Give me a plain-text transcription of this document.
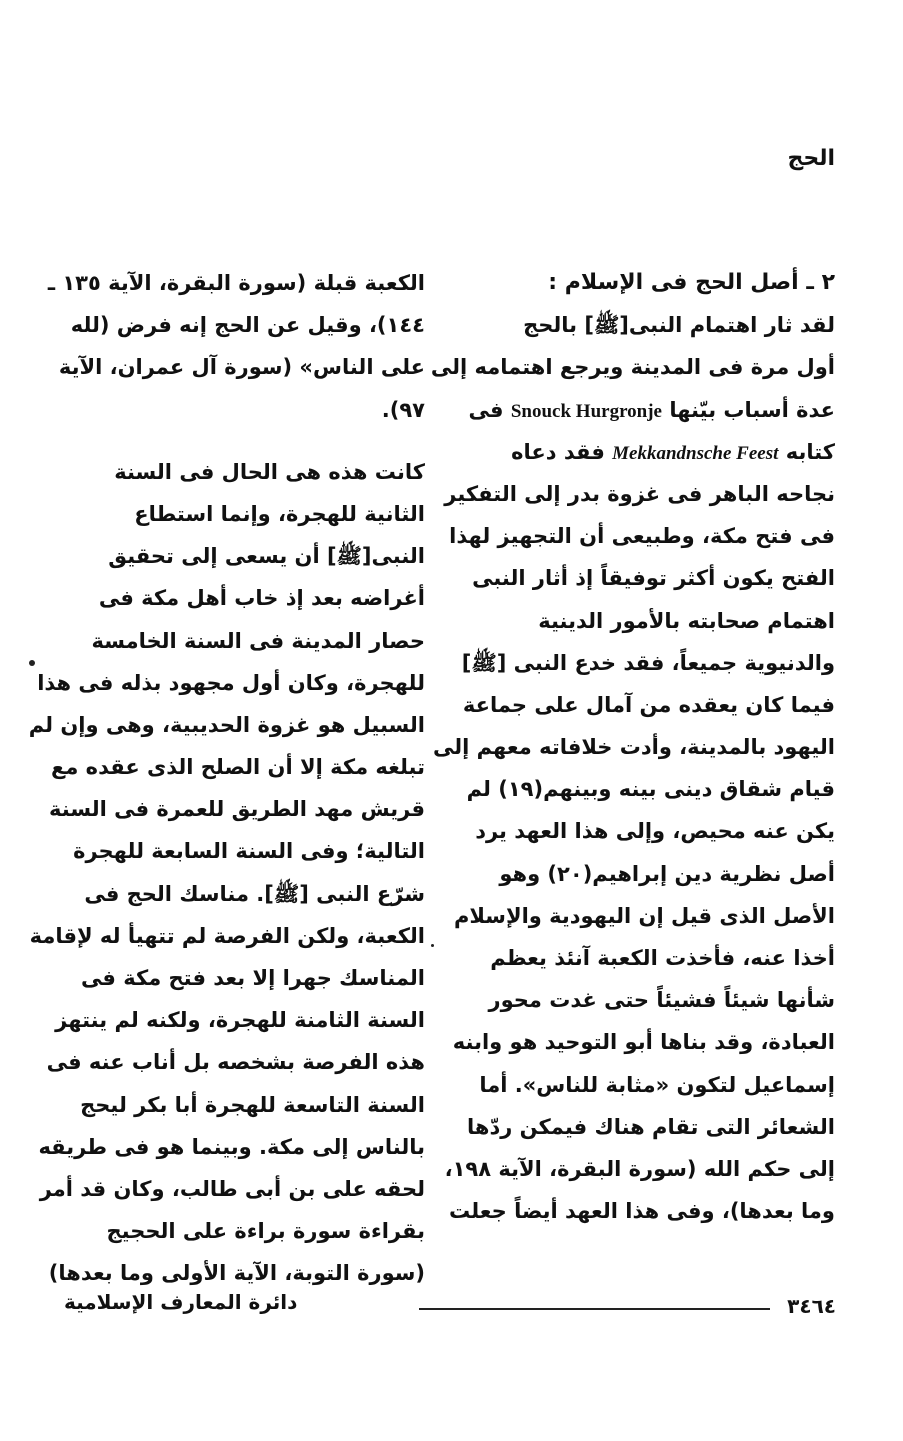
الحج
٢ ـ أصل الحج فى الإسلام :
لقد ثار اهتمام النبى[ﷺ] بالحج
أول مرة فى المدينة ويرجع اهتمامه إلى
عدة أسباب بيّنها Snouck Hurgronje فى
كتابه Mekkandnsche Feest فقد دعاه
نجاحه الباهر فى غزوة بدر إلى التفكير
فى فتح مكة، وطبيعى أن التجهيز لهذا
الفتح يكون أكثر توفيقاً إذ أثار النبى
اهتمام صحابته بالأمور الدينية
والدنيوية جميعاً، فقد خدع النبى [ﷺ]
فيما كان يعقده من آمال على جماعة
اليهود بالمدينة، وأدت خلافاته معهم إلى
قيام شقاق دينى بينه وبينهم(١٩) لم
يكن عنه محيص، وإلى هذا العهد يرد
أصل نظرية دين إبراهيم(٢٠) وهو
الأصل الذى قيل إن اليهودية والإسلام
أخذا عنه، فأخذت الكعبة آنئذ يعظم
شأنها شيئاً فشيئاً حتى غدت محور
العبادة، وقد بناها أبو التوحيد هو وابنه
إسماعيل لتكون «مثابة للناس». أما
الشعائر التى تقام هناك فيمكن ردّها
إلى حكم الله (سورة البقرة، الآية ١٩٨،
وما بعدها)، وفى هذا العهد أيضاً جعلت
الكعبة قبلة (سورة البقرة، الآية ١٣٥ ـ
١٤٤)، وقيل عن الحج إنه فرض (لله
على الناس» (سورة آل عمران، الآية
٩٧).
كانت هذه هى الحال فى السنة
الثانية للهجرة، وإنما استطاع
النبى[ﷺ] أن يسعى إلى تحقيق
أغراضه بعد إذ خاب أهل مكة فى
حصار المدينة فى السنة الخامسة
للهجرة، وكان أول مجهود بذله فى هذا
السبيل هو غزوة الحديبية، وهى وإن لم
تبلغه مكة إلا أن الصلح الذى عقده مع
قريش مهد الطريق للعمرة فى السنة
التالية؛ وفى السنة السابعة للهجرة
شرّع النبى [ﷺ]. مناسك الحج فى
الكعبة، ولكن الفرصة لم تتهيأ له لإقامة
المناسك جهرا إلا بعد فتح مكة فى
السنة الثامنة للهجرة، ولكنه لم ينتهز
هذه الفرصة بشخصه بل أناب عنه فى
السنة التاسعة للهجرة أبا بكر ليحج
بالناس إلى مكة. وبينما هو فى طريقه
لحقه على بن أبى طالب، وكان قد أمر
بقراءة سورة براءة على الحجيج
(سورة التوبة، الآية الأولى وما بعدها)
٣٤٦٤
دائرة المعارف الإسلامية
